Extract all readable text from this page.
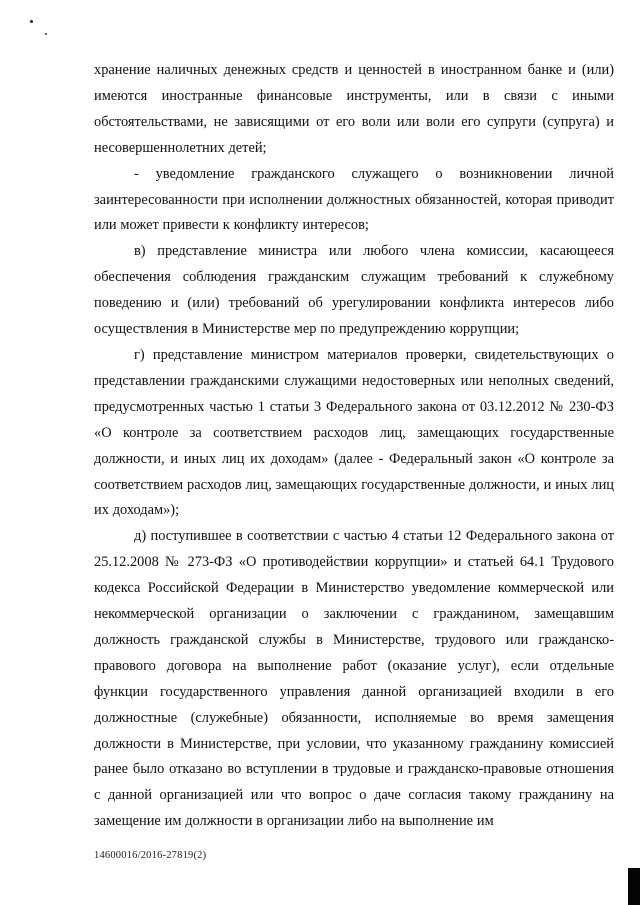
хранение наличных денежных средств и ценностей в иностранном банке и (или) имеются иностранные финансовые инструменты, или в связи с иными обстоятельствами, не зависящими от его воли или воли его супруги (супруга) и несовершеннолетних детей;

- уведомление гражданского служащего о возникновении личной заинтересованности при исполнении должностных обязанностей, которая приводит или может привести к конфликту интересов;

в) представление министра или любого члена комиссии, касающееся обеспечения соблюдения гражданским служащим требований к служебному поведению и (или) требований об урегулировании конфликта интересов либо осуществления в Министерстве мер по предупреждению коррупции;

г) представление министром материалов проверки, свидетельствующих о представлении гражданскими служащими недостоверных или неполных сведений, предусмотренных частью 1 статьи 3 Федерального закона от 03.12.2012 № 230-ФЗ «О контроле за соответствием расходов лиц, замещающих государственные должности, и иных лиц их доходам» (далее - Федеральный закон «О контроле за соответствием расходов лиц, замещающих государственные должности, и иных лиц их доходам»);

д) поступившее в соответствии с частью 4 статьи 12 Федерального закона от 25.12.2008 № 273-ФЗ «О противодействии коррупции» и статьей 64.1 Трудового кодекса Российской Федерации в Министерство уведомление коммерческой или некоммерческой организации о заключении с гражданином, замещавшим должность гражданской службы в Министерстве, трудового или гражданско-правового договора на выполнение работ (оказание услуг), если отдельные функции государственного управления данной организацией входили в его должностные (служебные) обязанности, исполняемые во время замещения должности в Министерстве, при условии, что указанному гражданину комиссией ранее было отказано во вступлении в трудовые и гражданско-правовые отношения с данной организацией или что вопрос о даче согласия такому гражданину на замещение им должности в организации либо на выполнение им

14600016/2016-27819(2)
